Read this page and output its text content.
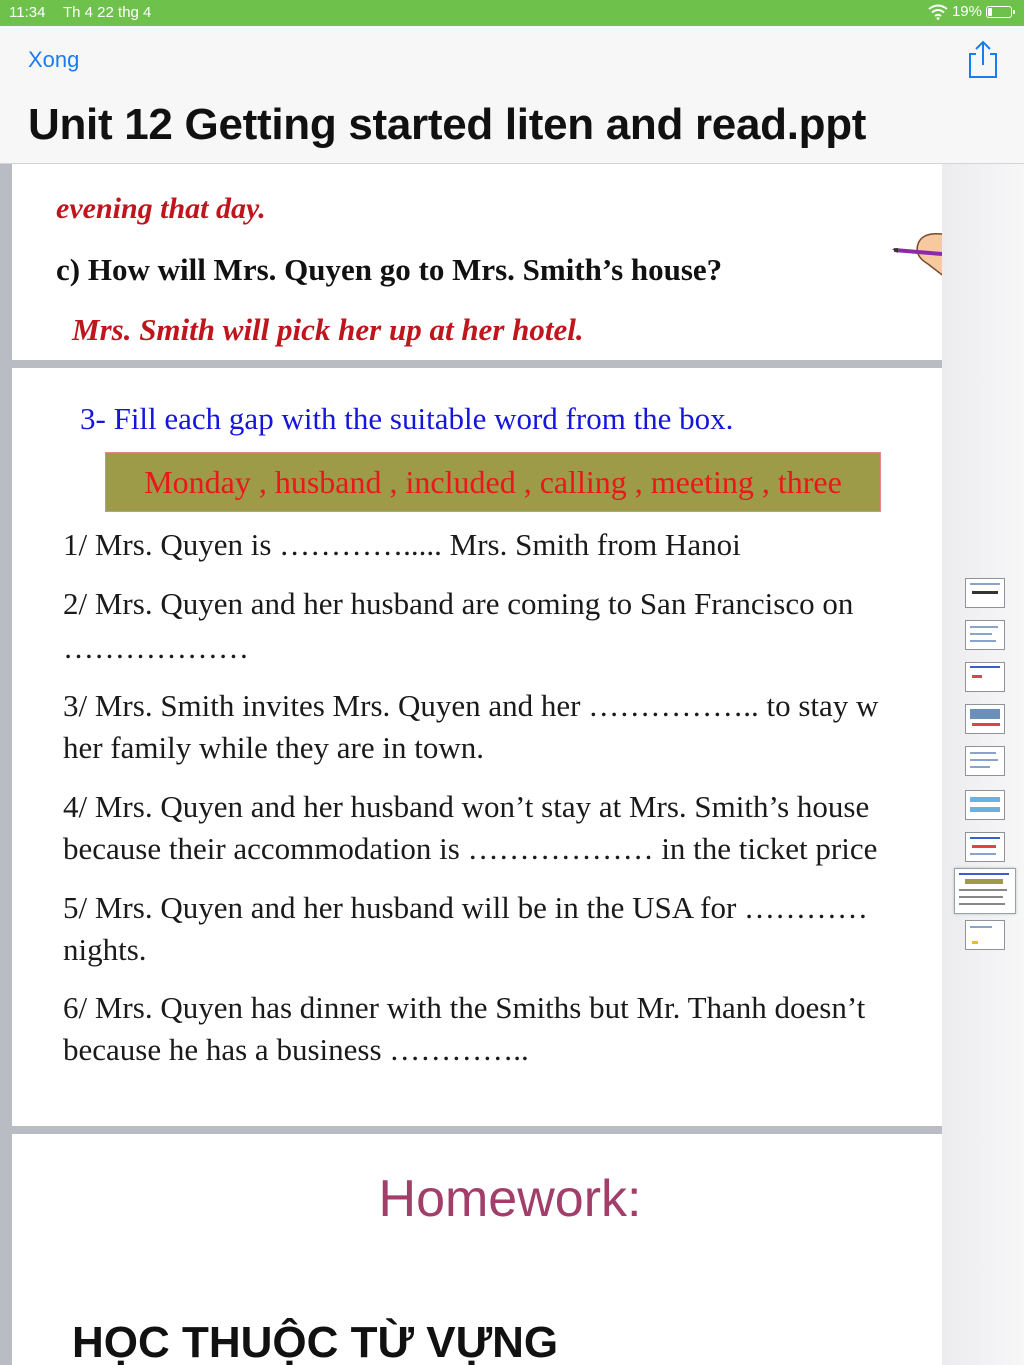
11:34 Th 4 22 thg 4	19%
Xong
Unit 12 Getting started liten and read.ppt
evening that day.
c) How will Mrs. Quyen go to Mrs. Smith’s house?
Mrs. Smith will pick her up at her hotel.
3- Fill each gap with the suitable word from the box.
Monday , husband , included , calling , meeting , three
1/ Mrs. Quyen is …………..... Mrs. Smith from Hanoi
2/ Mrs. Quyen and her husband are coming to San Francisco on
………………
3/ Mrs. Smith invites Mrs. Quyen and her …………….. to stay w
her family while they are in town.
4/ Mrs. Quyen and her husband won’t stay at Mrs. Smith’s house
because their accommodation is ……………… in the ticket price
5/ Mrs. Quyen and her husband will be in the USA for …………
nights.
6/ Mrs. Quyen has dinner with the Smiths but Mr. Thanh doesn’t
because he has a business …………..
Homework:
HỌC THUỘC TỪ VỰNG
